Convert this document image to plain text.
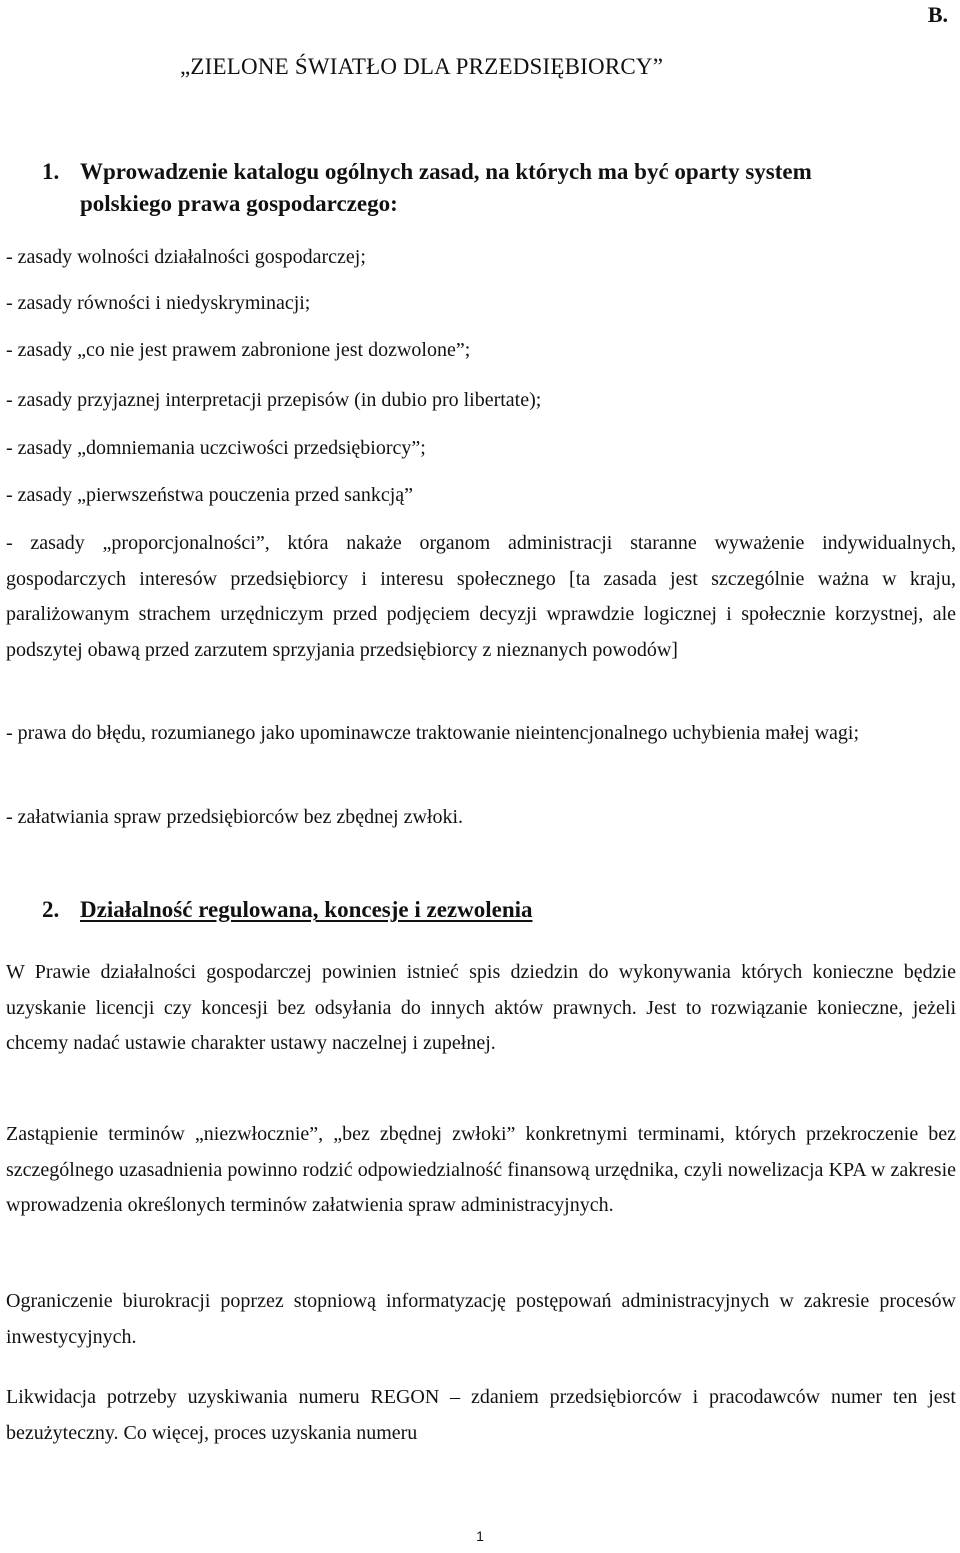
B.
„ZIELONE ŚWIATŁO DLA PRZEDSIĘBIORCY”
1. Wprowadzenie katalogu ogólnych zasad, na których ma być oparty system
polskiego prawa gospodarczego:
- zasady wolności działalności gospodarczej;
- zasady równości i niedyskryminacji;
- zasady „co nie jest prawem zabronione jest dozwolone”;
- zasady przyjaznej interpretacji przepisów (in dubio pro libertate);
- zasady „domniemania uczciwości przedsiębiorcy”;
- zasady „pierwszeństwa pouczenia przed sankcją”
- zasady „proporcjonalności”, która nakaże organom administracji staranne wyważenie indywidualnych, gospodarczych interesów przedsiębiorcy i interesu społecznego [ta zasada jest szczególnie ważna w kraju, paraliżowanym strachem urzędniczym przed podjęciem decyzji wprawdzie logicznej i społecznie korzystnej, ale podszytej obawą przed zarzutem sprzyjania przedsiębiorcy z nieznanych powodów]
- prawa do błędu, rozumianego jako upominawcze traktowanie nieintencjonalnego uchybienia małej wagi;
- załatwiania spraw przedsiębiorców bez zbędnej zwłoki.
2. Działalność regulowana, koncesje i zezwolenia
W Prawie działalności gospodarczej powinien istnieć spis dziedzin do wykonywania których konieczne będzie uzyskanie licencji czy koncesji bez odsyłania do innych aktów prawnych. Jest to rozwiązanie konieczne, jeżeli chcemy nadać ustawie charakter ustawy naczelnej i zupełnej.
Zastąpienie terminów „niezwłocznie”, „bez zbędnej zwłoki” konkretnymi terminami, których przekroczenie bez szczególnego uzasadnienia powinno rodzić odpowiedzialność finansową urzędnika, czyli nowelizacja KPA w zakresie wprowadzenia określonych terminów załatwienia spraw administracyjnych.
Ograniczenie biurokracji poprzez stopniową informatyzację postępowań administracyjnych w zakresie procesów inwestycyjnych.
Likwidacja potrzeby uzyskiwania numeru REGON – zdaniem przedsiębiorców i pracodawców numer ten jest bezużyteczny. Co więcej, proces uzyskania numeru
1
